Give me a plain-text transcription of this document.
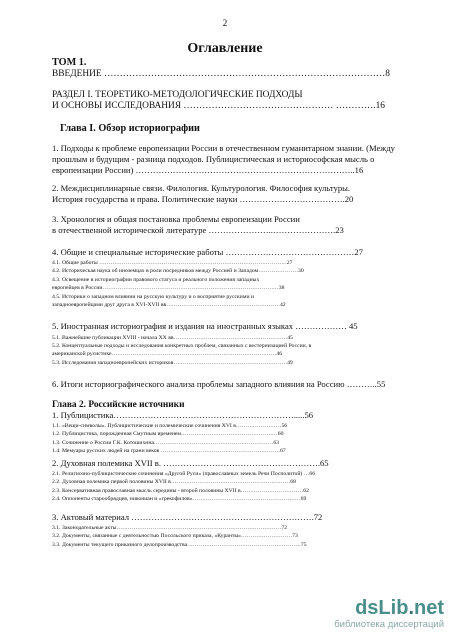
2
Оглавление
ТОМ 1.
ВВЕДЕНИЕ ………………………………………………………………………………8
РАЗДЕЛ I. ТЕОРЕТИКО-МЕТОДОЛОГИЧЕСКИЕ ПОДХОДЫ
И ОСНОВЫ ИССЛЕДОВАНИЯ ………………………………………… ………….16
Глава I. Обзор историографии
1. Подходы к проблеме европеизации России в отечественном гуманитарном знании. (Между
прошлым и будущим - разница подходов. Публицистическая и историософская мысль о
европеизации России) …………………………………………………………………..16
2. Междисциплинарные связи. Филология. Культурология. Философия культуры.
История государства и права. Политические науки ……………………………….20
3. Хронология и общая постановка проблемы европеизации России
в отечественной исторической литературе …………………..………………….23
4. Общие и специальные исторические работы ………………………………………27
4.1. Общие работы ………………………………………………………………………………………27
4.2. Историческая наука об иноземцах в роли посредников между Россией и Западом…………………30
4.3. Освещение в историографии правового статуса и реального положения западных
европейцев в России…………………………………………………………………………………38
4.5. Историки о западном влиянии на русскую культуру и о восприятие русскими и
западноевропейцами друг друга в XVI-XVII вв……………………………………………………42
5. Иностранная историография и издания на иностранных языках ……………… 45
5.1. Важнейшие публикации XVIII - начала XX вв……………………………………………………45
5.2. Концептуальные подходы и исследования конкретных проблем, связанных с вестернизацией России, в
американской русистике……………………………………………………………………………46
5.3. Исследования западноевропейских историков……………………………………………………49
6. Итоги историографического анализа проблемы западного влияния на Россию ………..55
Глава 2. Российские источники
1. Публицистика……………………………………………………….....56
1.1. «Вещи-символы». Публицистические и полемические сочинения XVI в……………………56
1.2. Публицистика, порожденная Смутным временем……………………………………………60
1.3. Сочинение о России Г.К. Котошихина………………………………………………………63
1.4. Мемуары русских людей на грани веков ………………………………………………………67
2. Духовная полемика XVII в. ……………………………………………….65
2.1. Религиозно-публицистические сочинения «Другой Руси» (православных земель Речи Посполитой) …66
2.2. Духовная полемика первой половины XVII в………………………………………………………68
2.3. Консервативная православная мысль середины - второй половины XVII в……………………………62
2.4. Оппоненты старообрядцев, никониан и «грекофилов»…………………………………………………69
3. Актовый материал ……………………………………………………….72
3.1. Законодательные акты……………………………………………………………………………72
3.2. Документы, связанные с деятельностью Посольского приказа, «Куранты»………………………73
3.3. Документы текущего приказного делопроизводства……………………………………………………75
dsLib.net
библиотека диссертаций
